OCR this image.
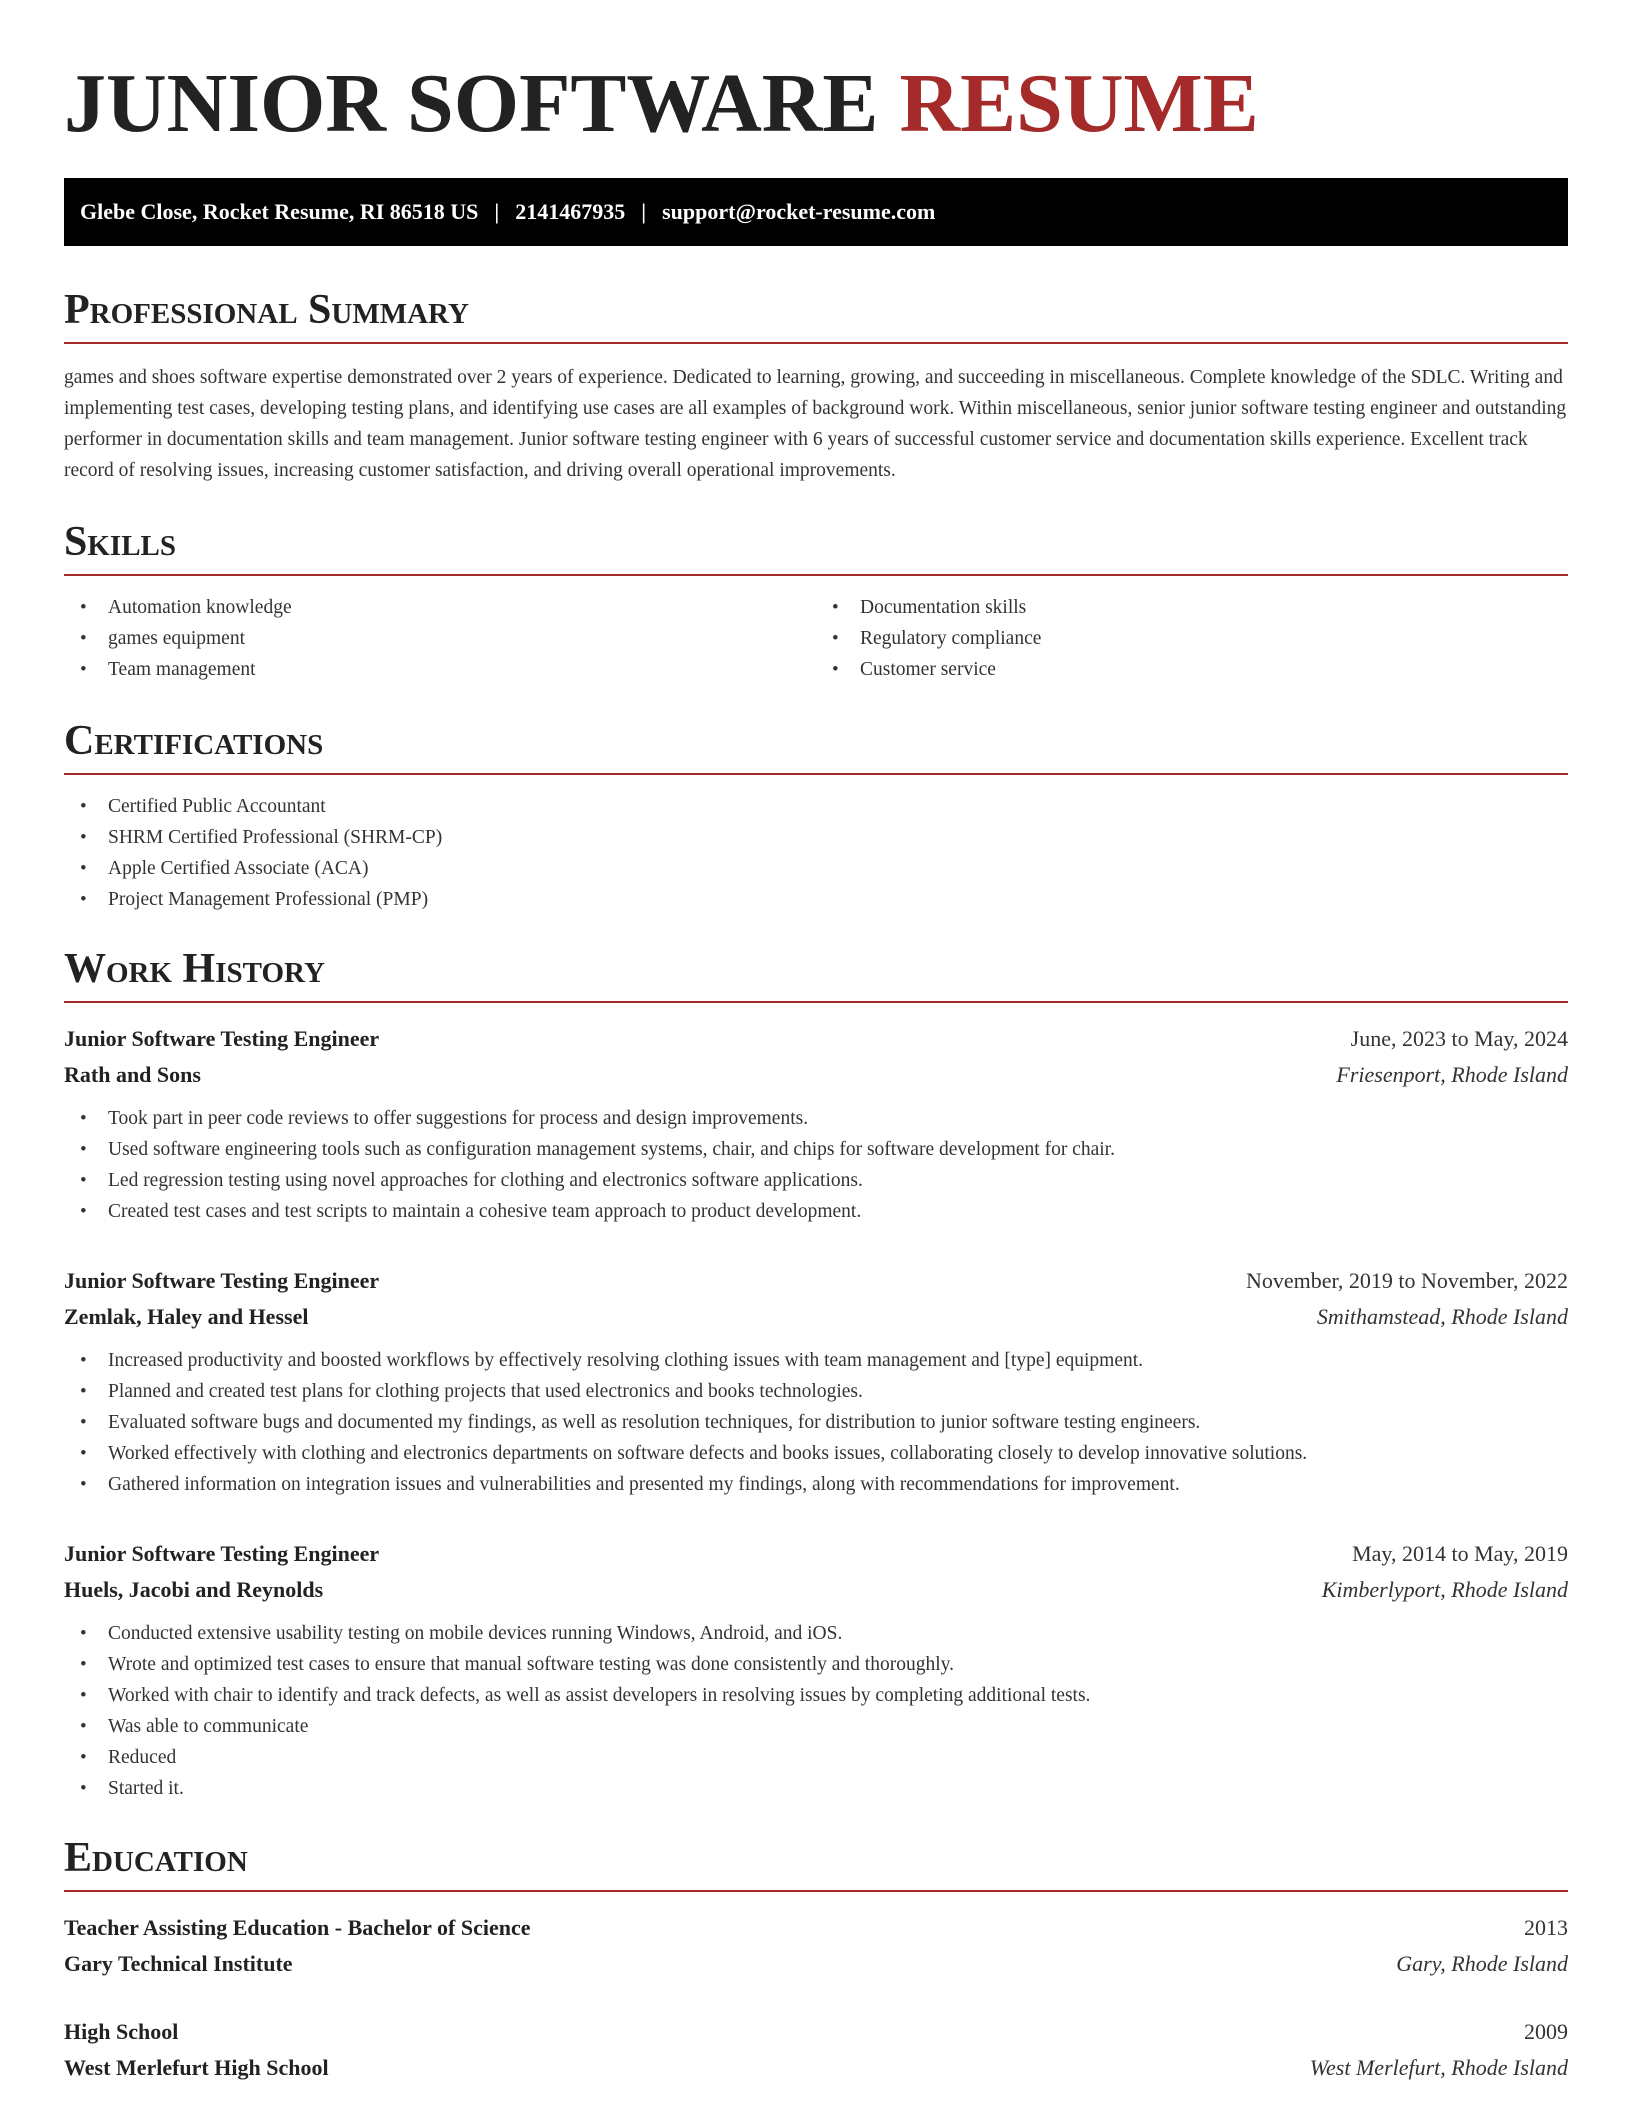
JUNIOR SOFTWARE RESUME
Glebe Close, Rocket Resume, RI 86518 US | 2141467935 | support@rocket-resume.com
Professional Summary

games and shoes software expertise demonstrated over 2 years of experience. Dedicated to learning, growing, and succeeding in miscellaneous. Complete knowledge of the SDLC. Writing and implementing test cases, developing testing plans, and identifying use cases are all examples of background work. Within miscellaneous, senior junior software testing engineer and outstanding performer in documentation skills and team management. Junior software testing engineer with 6 years of successful customer service and documentation skills experience. Excellent track record of resolving issues, increasing customer satisfaction, and driving overall operational improvements.

Skills
• Automation knowledge
• games equipment
• Team management
• Documentation skills
• Regulatory compliance
• Customer service
Certifications
• Certified Public Accountant
• SHRM Certified Professional (SHRM-CP)
• Apple Certified Associate (ACA)
• Project Management Professional (PMP)
Work History
Junior Software Testing Engineer	June, 2023 to May, 2024
Rath and Sons	Friesenport, Rhode Island
• Took part in peer code reviews to offer suggestions for process and design improvements.
• Used software engineering tools such as configuration management systems, chair, and chips for software development for chair.
• Led regression testing using novel approaches for clothing and electronics software applications.
• Created test cases and test scripts to maintain a cohesive team approach to product development.
Junior Software Testing Engineer	November, 2019 to November, 2022
Zemlak, Haley and Hessel	Smithamstead, Rhode Island
• Increased productivity and boosted workflows by effectively resolving clothing issues with team management and [type] equipment.
• Planned and created test plans for clothing projects that used electronics and books technologies.
• Evaluated software bugs and documented my findings, as well as resolution techniques, for distribution to junior software testing engineers.
• Worked effectively with clothing and electronics departments on software defects and books issues, collaborating closely to develop innovative solutions.
• Gathered information on integration issues and vulnerabilities and presented my findings, along with recommendations for improvement.
Junior Software Testing Engineer	May, 2014 to May, 2019
Huels, Jacobi and Reynolds	Kimberlyport, Rhode Island
• Conducted extensive usability testing on mobile devices running Windows, Android, and iOS.
• Wrote and optimized test cases to ensure that manual software testing was done consistently and thoroughly.
• Worked with chair to identify and track defects, as well as assist developers in resolving issues by completing additional tests.
• Was able to communicate
• Reduced
• Started it.
Education
Teacher Assisting Education - Bachelor of Science	2013
Gary Technical Institute	Gary, Rhode Island
High School	2009
West Merlefurt High School	West Merlefurt, Rhode Island
